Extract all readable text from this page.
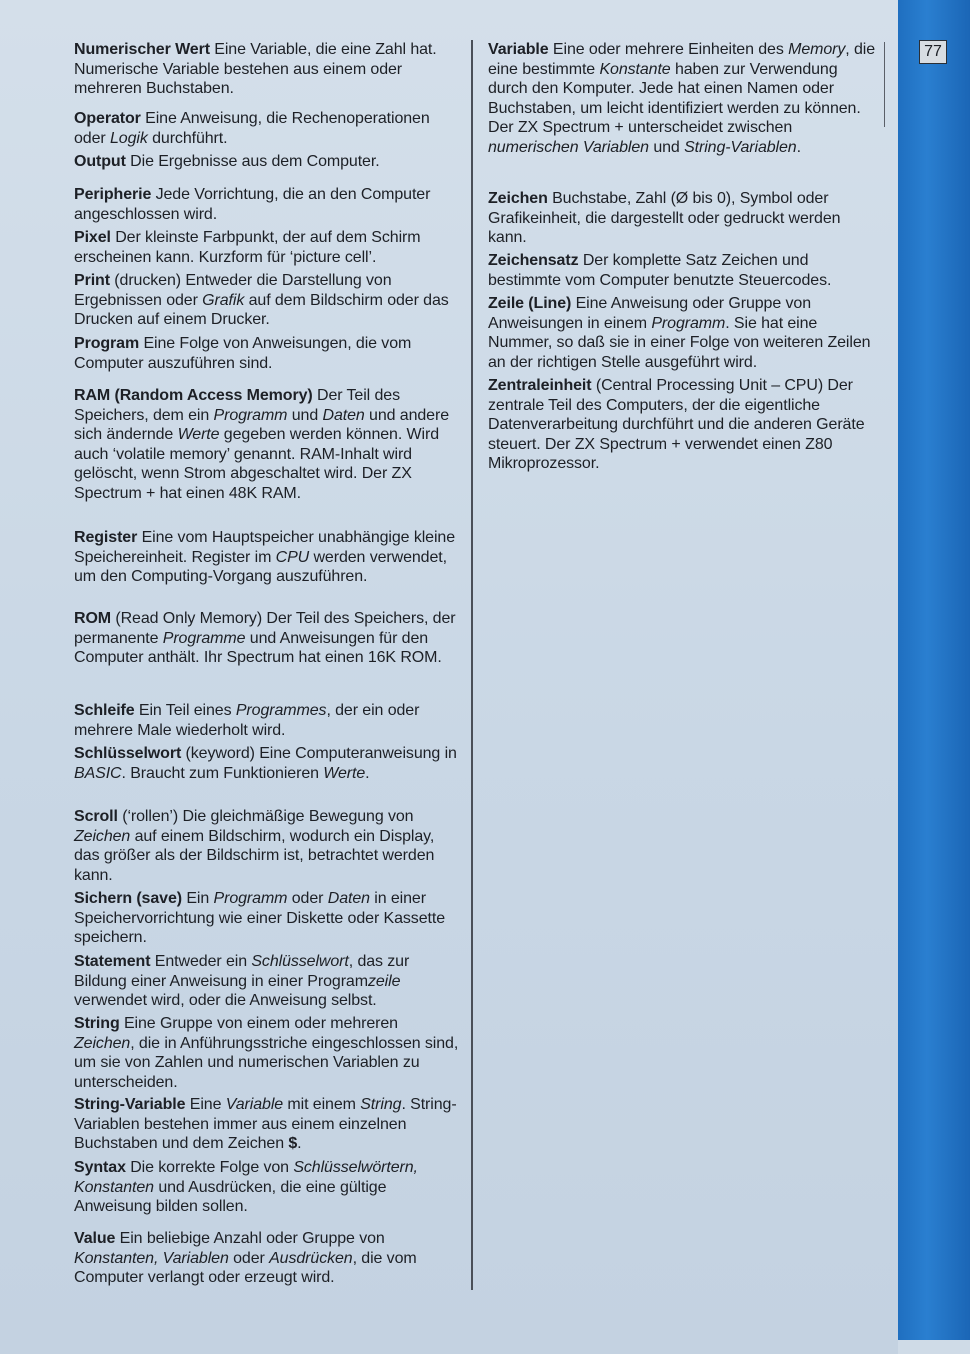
77

Numerischer Wert Eine Variable, die eine Zahl hat. Numerische Variable bestehen aus einem oder mehreren Buchstaben.

Operator Eine Anweisung, die Rechenoperationen oder Logik durchführt.

Output Die Ergebnisse aus dem Computer.

Peripherie Jede Vorrichtung, die an den Computer angeschlossen wird.

Pixel Der kleinste Farbpunkt, der auf dem Schirm erscheinen kann. Kurzform für ‘picture cell’.

Print (drucken) Entweder die Darstellung von Ergebnissen oder Grafik auf dem Bildschirm oder das Drucken auf einem Drucker.

Program Eine Folge von Anweisungen, die vom Computer auszuführen sind.

RAM (Random Access Memory) Der Teil des Speichers, dem ein Programm und Daten und andere sich ändernde Werte gegeben werden können. Wird auch ‘volatile memory’ genannt. RAM-Inhalt wird gelöscht, wenn Strom abgeschaltet wird. Der ZX Spectrum + hat einen 48K RAM.

Register Eine vom Hauptspeicher unabhängige kleine Speichereinheit. Register im CPU werden verwendet, um den Computing-Vorgang auszuführen.

ROM (Read Only Memory) Der Teil des Speichers, der permanente Programme und Anweisungen für den Computer anthält. Ihr Spectrum hat einen 16K ROM.

Schleife Ein Teil eines Programmes, der ein oder mehrere Male wiederholt wird.

Schlüsselwort (keyword) Eine Computeranweisung in BASIC. Braucht zum Funktionieren Werte.

Scroll (‘rollen’) Die gleichmäßige Bewegung von Zeichen auf einem Bildschirm, wodurch ein Display, das größer als der Bildschirm ist, betrachtet werden kann.

Sichern (save) Ein Programm oder Daten in einer Speichervorrichtung wie einer Diskette oder Kassette speichern.

Statement Entweder ein Schlüsselwort, das zur Bildung einer Anweisung in einer Programzeile verwendet wird, oder die Anweisung selbst.

String Eine Gruppe von einem oder mehreren Zeichen, die in Anführungsstriche eingeschlossen sind, um sie von Zahlen und numerischen Variablen zu unterscheiden.

String-Variable Eine Variable mit einem String. String-Variablen bestehen immer aus einem einzelnen Buchstaben und dem Zeichen $.

Syntax Die korrekte Folge von Schlüsselwörtern, Konstanten und Ausdrücken, die eine gültige Anweisung bilden sollen.

Value Ein beliebige Anzahl oder Gruppe von Konstanten, Variablen oder Ausdrücken, die vom Computer verlangt oder erzeugt wird.

Variable Eine oder mehrere Einheiten des Memory, die eine bestimmte Konstante haben zur Verwendung durch den Komputer. Jede hat einen Namen oder Buchstaben, um leicht identifiziert werden zu können. Der ZX Spectrum + unterscheidet zwischen numerischen Variablen und String-Variablen.

Zeichen Buchstabe, Zahl (Ø bis 0), Symbol oder Grafikeinheit, die dargestellt oder gedruckt werden kann.

Zeichensatz Der komplette Satz Zeichen und bestimmte vom Computer benutzte Steuercodes.

Zeile (Line) Eine Anweisung oder Gruppe von Anweisungen in einem Programm. Sie hat eine Nummer, so daß sie in einer Folge von weiteren Zeilen an der richtigen Stelle ausgeführt wird.

Zentraleinheit (Central Processing Unit – CPU) Der zentrale Teil des Computers, der die eigentliche Datenverarbeitung durchführt und die anderen Geräte steuert. Der ZX Spectrum + verwendet einen Z80 Mikroprozessor.
